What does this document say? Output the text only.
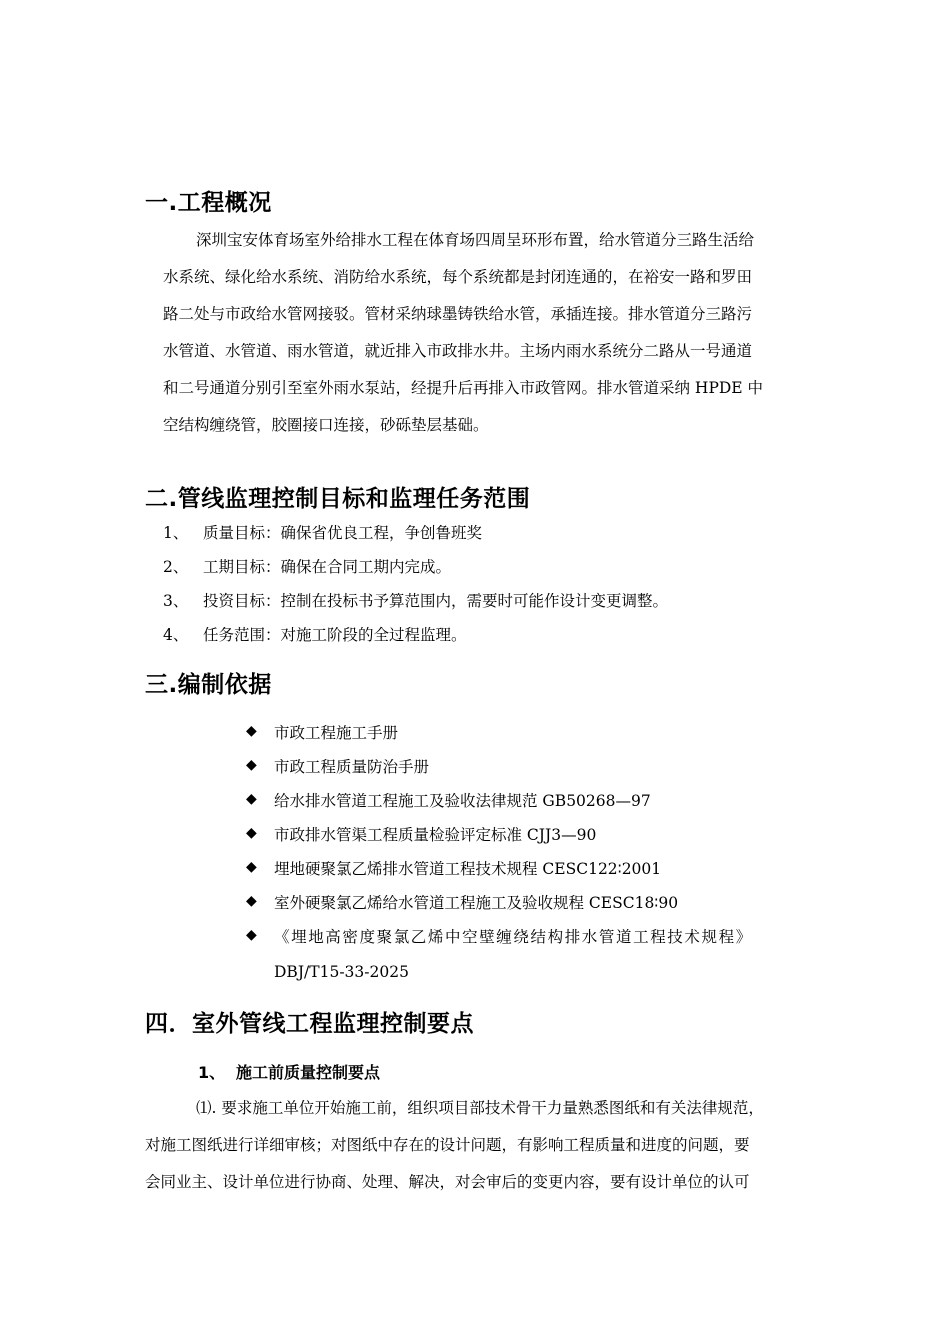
一.工程概况
深圳宝安体育场室外给排水工程在体育场四周呈环形布置，给水管道分三路生活给
水系统、绿化给水系统、消防给水系统，每个系统都是封闭连通的，在裕安一路和罗田
路二处与市政给水管网接驳。管材采纳球墨铸铁给水管，承插连接。排水管道分三路污
水管道、水管道、雨水管道，就近排入市政排水井。主场内雨水系统分二路从一号通道
和二号通道分别引至室外雨水泵站，经提升后再排入市政管网。排水管道采纳 HPDE 中
空结构缠绕管，胶圈接口连接，砂砾垫层基础。
二.管线监理控制目标和监理任务范围
1、 质量目标：确保省优良工程，争创鲁班奖
2、 工期目标：确保在合同工期内完成。
3、 投资目标：控制在投标书予算范围内，需要时可能作设计变更调整。
4、 任务范围：对施工阶段的全过程监理。
三.编制依据
◆ 市政工程施工手册
◆ 市政工程质量防治手册
◆ 给水排水管道工程施工及验收法律规范 GB50268—97
◆ 市政排水管渠工程质量检验评定标准 CJJ3—90
◆ 埋地硬聚氯乙烯排水管道工程技术规程 CESC122∶2001
◆ 室外硬聚氯乙烯给水管道工程施工及验收规程 CESC18∶90
◆ 《埋地高密度聚氯乙烯中空壁缠绕结构排水管道工程技术规程》
DBJ/T15-33-2025
四．室外管线工程监理控制要点
1、 施工前质量控制要点
⑴. 要求施工单位开始施工前，组织项目部技术骨干力量熟悉图纸和有关法律规范，
对施工图纸进行详细审核；对图纸中存在的设计问题，有影响工程质量和进度的问题，要
会同业主、设计单位进行协商、处理、解决，对会审后的变更内容，要有设计单位的认可
